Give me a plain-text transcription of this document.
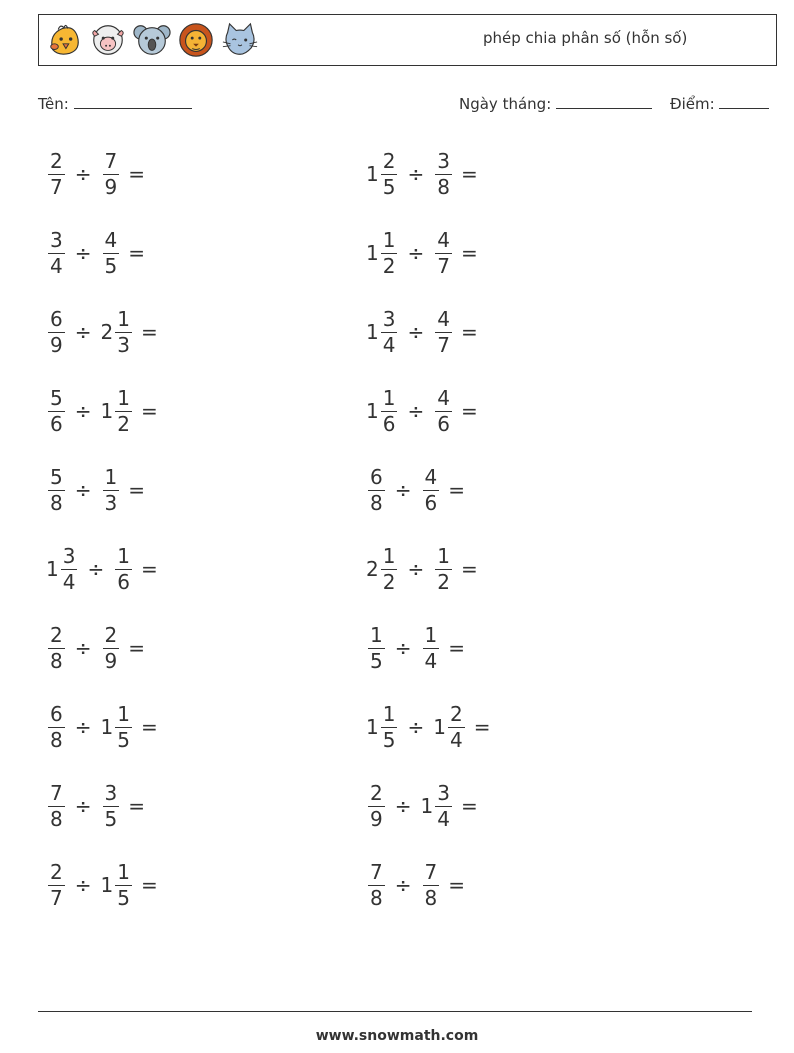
phép chia phân số (hỗn số)
Tên:	Ngày tháng:	Điểm:
$\frac{2}{7} \div \frac{7}{9}$ =	$1 \frac{2}{5} \div \frac{3}{8}$ =
$\frac{3}{4} \div \frac{4}{5}$ =	$1 \frac{1}{2} \div \frac{4}{7}$ =
$\frac{6}{9} \div 2 \frac{1}{3}$ =	$1 \frac{3}{4} \div \frac{4}{7}$ =
$\frac{5}{6} \div 1 \frac{1}{2}$ =	$1 \frac{1}{6} \div \frac{4}{6}$ =
$\frac{5}{8} \div \frac{1}{3}$ =	$\frac{6}{8} \div \frac{4}{6}$ =
$1 \frac{3}{4} \div \frac{1}{6}$ =	$2 \frac{1}{2} \div \frac{1}{2}$ =
$\frac{2}{8} \div \frac{2}{9}$ =	$\frac{1}{5} \div \frac{1}{4}$ =
$\frac{6}{8} \div 1 \frac{1}{5}$ =	$1 \frac{1}{5} \div 1 \frac{2}{4}$ =
$\frac{7}{8} \div \frac{3}{5}$ =	$\frac{2}{9} \div 1 \frac{3}{4}$ =
$\frac{2}{7} \div 1 \frac{1}{5}$ =	$\frac{7}{8} \div \frac{7}{8}$ =
www.snowmath.com
